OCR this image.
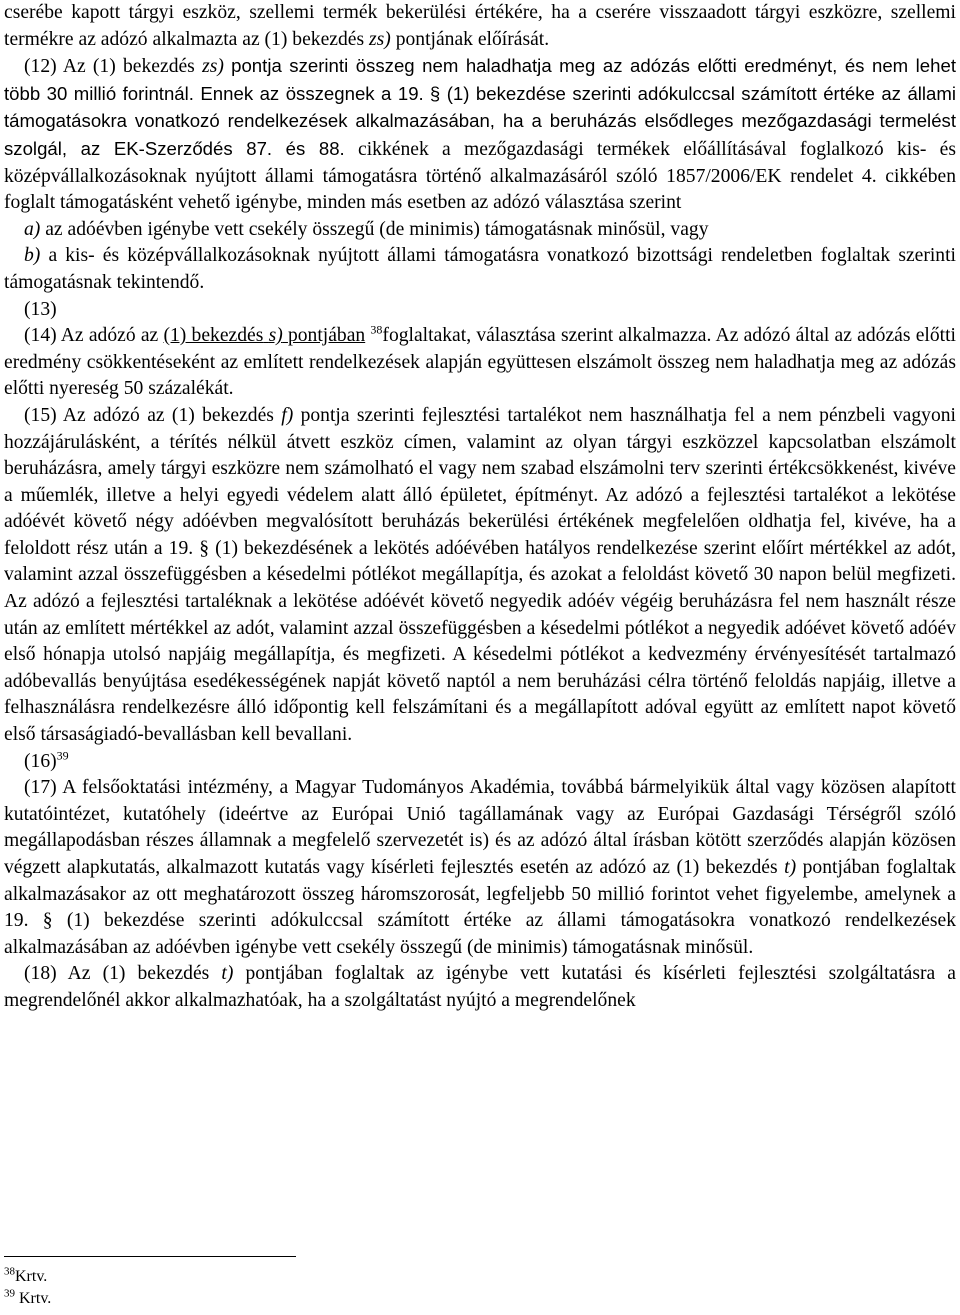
cserébe kapott tárgyi eszköz, szellemi termék bekerülési értékére, ha a cserére visszaadott tárgyi eszközre, szellemi termékre az adózó alkalmazta az (1) bekezdés zs) pontjának előírását.

(12) Az (1) bekezdés zs) pontja szerinti összeg nem haladhatja meg az adózás előtti eredményt, és nem lehet több 30 millió forintnál. Ennek az összegnek a 19. § (1) bekezdése szerinti adókulccsal számított értéke az állami támogatásokra vonatkozó rendelkezések alkalmazásában, ha a beruházás elsődleges mezőgazdasági termelést szolgál, az EK-Szerződés 87. és 88. cikkének a mezőgazdasági termékek előállításával foglalkozó kis- és középvállalkozásoknak nyújtott állami támogatásra történő alkalmazásáról szóló 1857/2006/EK rendelet 4. cikkében foglalt támogatásként vehető igénybe, minden más esetben az adózó választása szerint

a) az adóévben igénybe vett csekély összegű (de minimis) támogatásnak minősül, vagy

b) a kis- és középvállalkozásoknak nyújtott állami támogatásra vonatkozó bizottsági rendeletben foglaltak szerinti támogatásnak tekintendő.

(13)

(14) Az adózó az (1) bekezdés s) pontjában $^{38}$foglaltakat, választása szerint alkalmazza. Az adózó által az adózás előtti eredmény csökkentéseként az említett rendelkezések alapján együttesen elszámolt összeg nem haladhatja meg az adózás előtti nyereség 50 százalékát.

(15) Az adózó az (1) bekezdés f) pontja szerinti fejlesztési tartalékot nem használhatja fel a nem pénzbeli vagyoni hozzájárulásként, a térítés nélkül átvett eszköz címen, valamint az olyan tárgyi eszközzel kapcsolatban elszámolt beruházásra, amely tárgyi eszközre nem számolható el vagy nem szabad elszámolni terv szerinti értékcsökkenést, kivéve a műemlék, illetve a helyi egyedi védelem alatt álló épületet, építményt. Az adózó a fejlesztési tartalékot a lekötése adóévét követő négy adóévben megvalósított beruházás bekerülési értékének megfelelően oldhatja fel, kivéve, ha a feloldott rész után a 19. § (1) bekezdésének a lekötés adóévében hatályos rendelkezése szerint előírt mértékkel az adót, valamint azzal összefüggésben a késedelmi pótlékot megállapítja, és azokat a feloldást követő 30 napon belül megfizeti. Az adózó a fejlesztési tartaléknak a lekötése adóévét követő negyedik adóév végéig beruházásra fel nem használt része után az említett mértékkel az adót, valamint azzal összefüggésben a késedelmi pótlékot a negyedik adóévet követő adóév első hónapja utolsó napjáig megállapítja, és megfizeti. A késedelmi pótlékot a kedvezmény érvényesítését tartalmazó adóbevallás benyújtása esedékességének napját követő naptól a nem beruházási célra történő feloldás napjáig, illetve a felhasználásra rendelkezésre álló időpontig kell felszámítani és a megállapított adóval együtt az említett napot követő első társaságiadó-bevallásban kell bevallani.

$(16)^{39}$

(17) A felsőoktatási intézmény, a Magyar Tudományos Akadémia, továbbá bármelyikük által vagy közösen alapított kutatóintézet, kutatóhely (ideértve az Európai Unió tagállamának vagy az Európai Gazdasági Térségről szóló megállapodásban részes államnak a megfelelő szervezetét is) és az adózó által írásban kötött szerződés alapján közösen végzett alapkutatás, alkalmazott kutatás vagy kísérleti fejlesztés esetén az adózó az (1) bekezdés t) pontjában foglaltak alkalmazásakor az ott meghatározott összeg háromszorosát, legfeljebb 50 millió forintot vehet figyelembe, amelynek a 19. § (1) bekezdése szerinti adókulccsal számított értéke az állami támogatásokra vonatkozó rendelkezések alkalmazásában az adóévben igénybe vett csekély összegű (de minimis) támogatásnak minősül.

(18) Az (1) bekezdés t) pontjában foglaltak az igénybe vett kutatási és kísérleti fejlesztési szolgáltatásra a megrendelőnél akkor alkalmazhatóak, ha a szolgáltatást nyújtó a megrendelőnek

$^{38}$Krtv.
$^{39}$ Krtv.
